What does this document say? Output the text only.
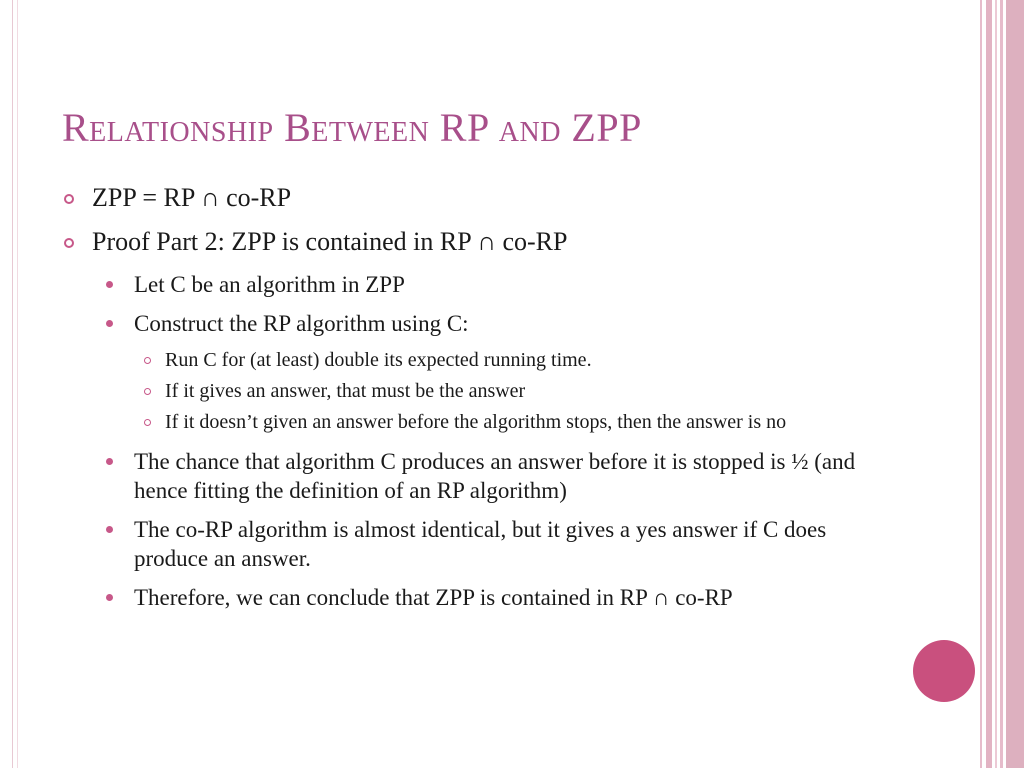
Relationship Between RP and ZPP
ZPP = RP ∩ co-RP
Proof Part 2: ZPP is contained in RP ∩ co-RP
Let C be an algorithm in ZPP
Construct the RP algorithm using C:
Run C for (at least) double its expected running time.
If it gives an answer, that must be the answer
If it doesn’t given an answer before the algorithm stops, then the answer is no
The chance that algorithm C produces an answer before it is stopped is ½ (and hence fitting the definition of an RP algorithm)
The co-RP algorithm is almost identical, but it gives a yes answer if C does produce an answer.
Therefore, we can conclude that ZPP is contained in RP ∩ co-RP
